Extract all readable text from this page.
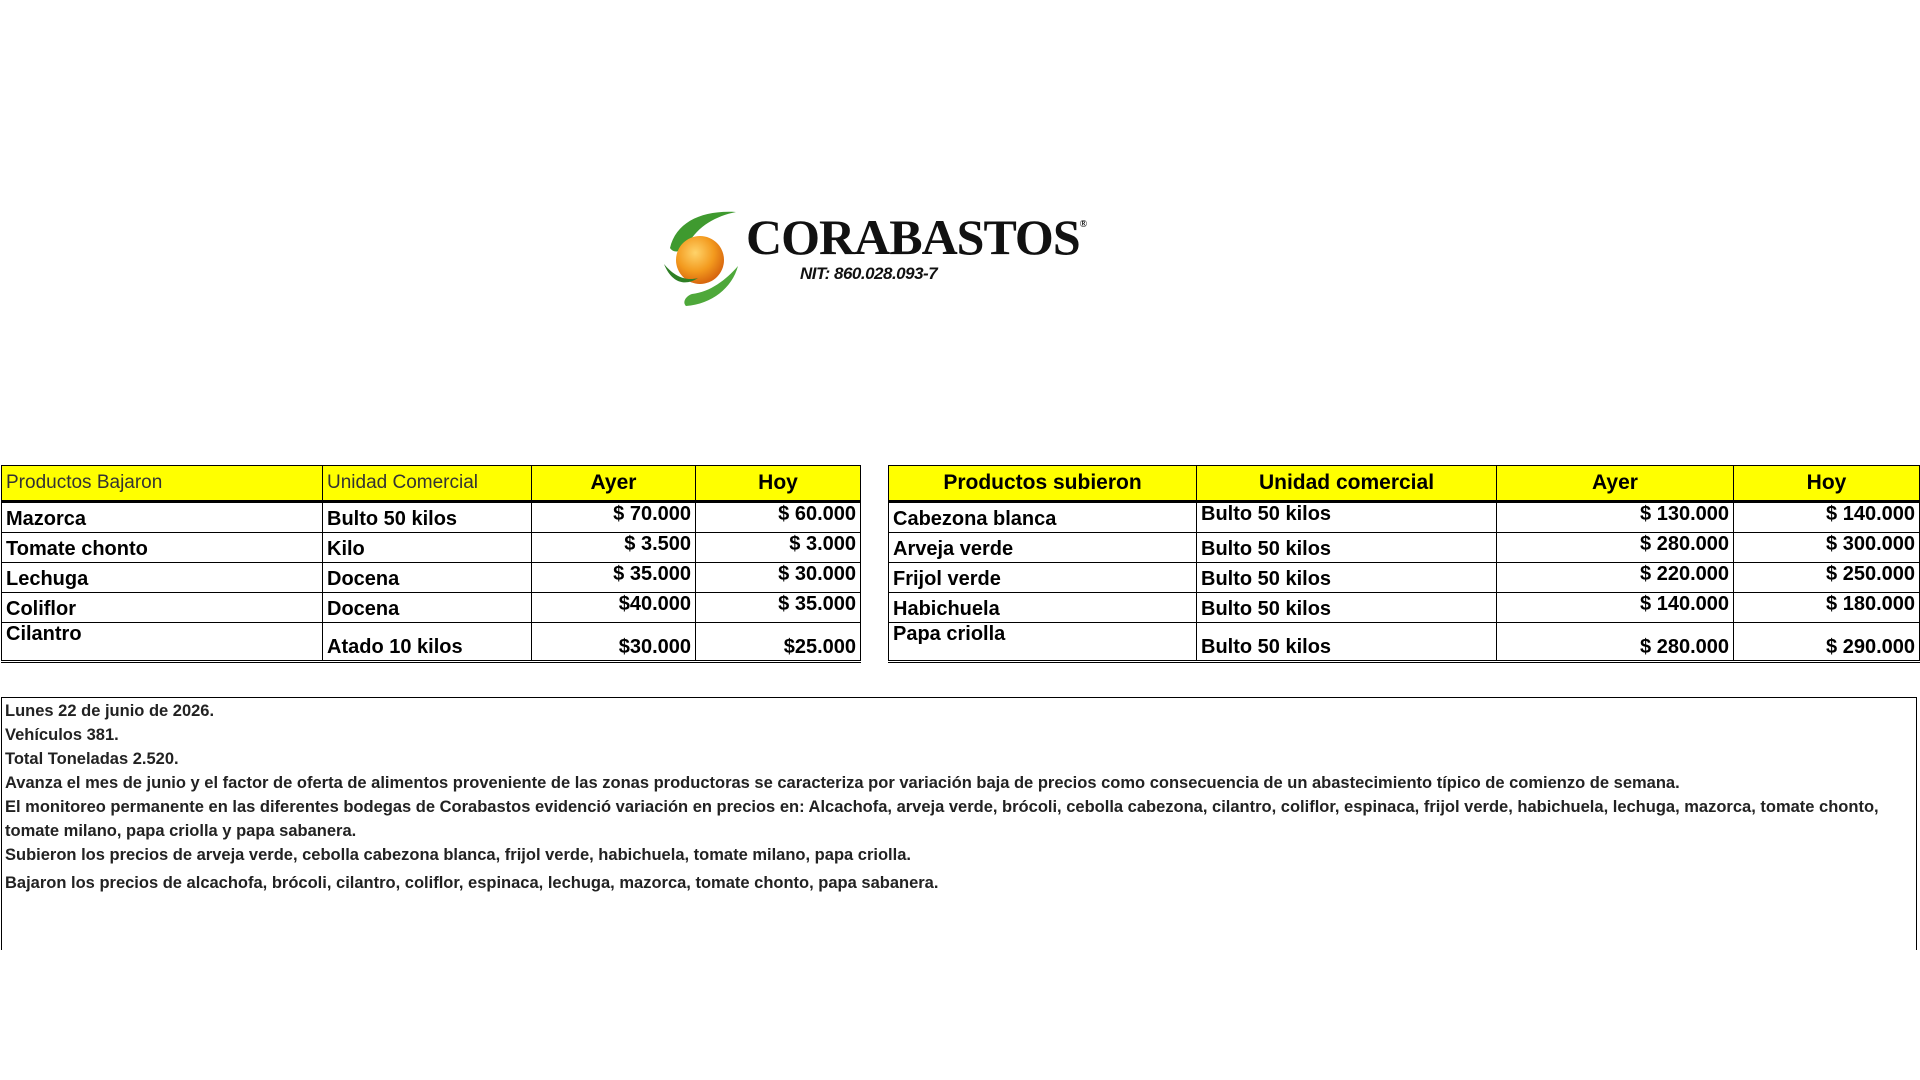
CORABASTOS®
NIT: 860.028.093-7
Productos Bajaron	Unidad Comercial	Ayer	Hoy
Mazorca	Bulto 50 kilos	$ 70.000	$ 60.000
Tomate chonto	Kilo	$ 3.500	$ 3.000
Lechuga	Docena	$ 35.000	$ 30.000
Coliflor	Docena	$40.000	$ 35.000
Cilantro	Atado 10 kilos	$30.000	$25.000
Productos subieron	Unidad comercial	Ayer	Hoy
Cabezona blanca	Bulto 50 kilos	$ 130.000	$ 140.000
Arveja verde	Bulto 50 kilos	$ 280.000	$ 300.000
Frijol verde	Bulto 50 kilos	$ 220.000	$ 250.000
Habichuela	Bulto 50 kilos	$ 140.000	$ 180.000
Papa criolla	Bulto 50 kilos	$ 280.000	$ 290.000

Lunes 22 de junio de 2026.

Vehículos 381.

Total Toneladas 2.520.

Avanza el mes de junio y el factor de oferta de alimentos proveniente de las zonas productoras se caracteriza por variación baja de precios como consecuencia de un abastecimiento típico de comienzo de semana.

El monitoreo permanente en las diferentes bodegas de Corabastos evidenció variación en precios en: Alcachofa, arveja verde, brócoli, cebolla cabezona, cilantro, coliflor, espinaca, frijol verde, habichuela, lechuga, mazorca, tomate chonto, tomate milano, papa criolla y papa sabanera.

Subieron los precios de arveja verde, cebolla cabezona blanca, frijol verde, habichuela, tomate milano, papa criolla.

Bajaron los precios de alcachofa, brócoli, cilantro, coliflor, espinaca, lechuga, mazorca, tomate chonto, papa sabanera.
